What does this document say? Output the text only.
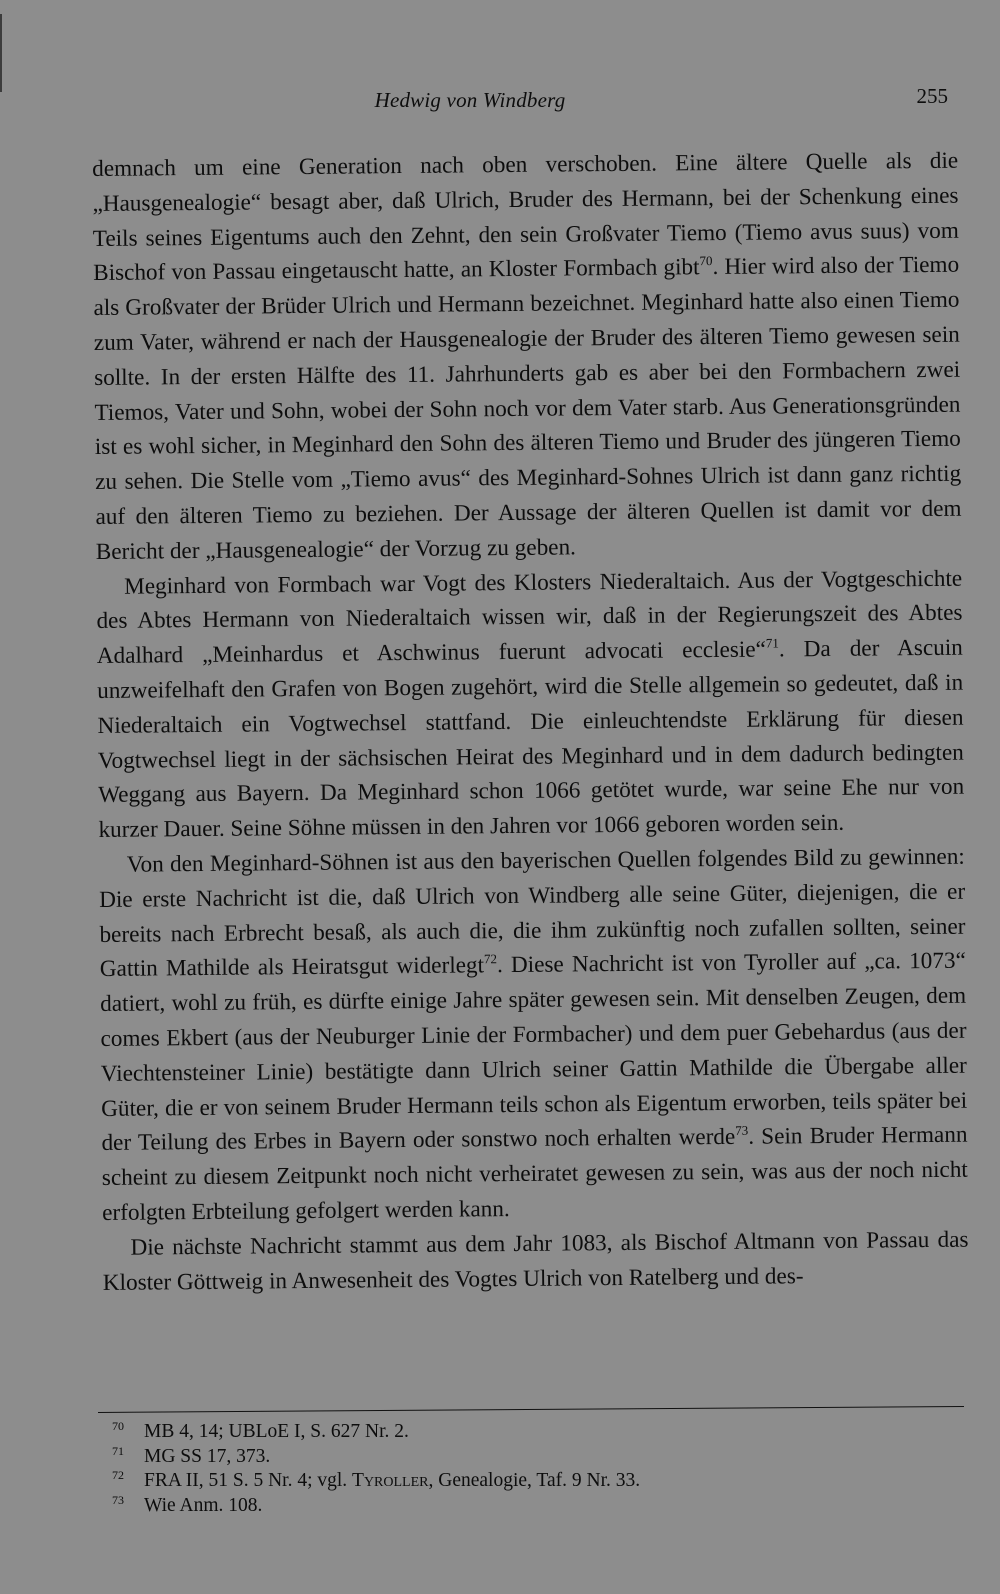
Hedwig von Windberg	255

demnach um eine Generation nach oben verschoben. Eine ältere Quelle als die „Hausgenealogie“ besagt aber, daß Ulrich, Bruder des Hermann, bei der Schenkung eines Teils seines Eigentums auch den Zehnt, den sein Großvater Tiemo (Tiemo avus suus) vom Bischof von Passau eingetauscht hatte, an Kloster Formbach gibt$^{70}$. Hier wird also der Tiemo als Großvater der Brüder Ulrich und Hermann bezeichnet. Meginhard hatte also einen Tiemo zum Vater, während er nach der Hausgenealogie der Bruder des älteren Tiemo gewesen sein sollte. In der ersten Hälfte des 11. Jahrhunderts gab es aber bei den Formbachern zwei Tiemos, Vater und Sohn, wobei der Sohn noch vor dem Vater starb. Aus Generationsgründen ist es wohl sicher, in Meginhard den Sohn des älteren Tiemo und Bruder des jüngeren Tiemo zu sehen. Die Stelle vom „Tiemo avus“ des Meginhard-Sohnes Ulrich ist dann ganz richtig auf den älteren Tiemo zu beziehen. Der Aussage der älteren Quellen ist damit vor dem Bericht der „Hausgenealogie“ der Vorzug zu geben.

Meginhard von Formbach war Vogt des Klosters Niederaltaich. Aus der Vogtgeschichte des Abtes Hermann von Niederaltaich wissen wir, daß in der Regierungszeit des Abtes Adalhard „Meinhardus et Aschwinus fuerunt advocati ecclesie“$^{71}$. Da der Ascuin unzweifelhaft den Grafen von Bogen zugehört, wird die Stelle allgemein so gedeutet, daß in Niederaltaich ein Vogtwechsel stattfand. Die einleuchtendste Erklärung für diesen Vogtwechsel liegt in der sächsischen Heirat des Meginhard und in dem dadurch bedingten Weggang aus Bayern. Da Meginhard schon 1066 getötet wurde, war seine Ehe nur von kurzer Dauer. Seine Söhne müssen in den Jahren vor 1066 geboren worden sein.

Von den Meginhard-Söhnen ist aus den bayerischen Quellen folgendes Bild zu gewinnen: Die erste Nachricht ist die, daß Ulrich von Windberg alle seine Güter, diejenigen, die er bereits nach Erbrecht besaß, als auch die, die ihm zukünftig noch zufallen sollten, seiner Gattin Mathilde als Heiratsgut widerlegt$^{72}$. Diese Nachricht ist von Tyroller auf „ca. 1073“ datiert, wohl zu früh, es dürfte einige Jahre später gewesen sein. Mit denselben Zeugen, dem comes Ekbert (aus der Neuburger Linie der Formbacher) und dem puer Gebehardus (aus der Viechtensteiner Linie) bestätigte dann Ulrich seiner Gattin Mathilde die Übergabe aller Güter, die er von seinem Bruder Hermann teils schon als Eigentum erworben, teils später bei der Teilung des Erbes in Bayern oder sonstwo noch erhalten werde$^{73}$. Sein Bruder Hermann scheint zu diesem Zeitpunkt noch nicht verheiratet gewesen zu sein, was aus der noch nicht erfolgten Erbteilung gefolgert werden kann.

Die nächste Nachricht stammt aus dem Jahr 1083, als Bischof Altmann von Passau das Kloster Göttweig in Anwesenheit des Vogtes Ulrich von Ratelberg und des-

70 MB 4, 14; UBLoE I, S. 627 Nr. 2.
71 MG SS 17, 373.
72 FRA II, 51 S. 5 Nr. 4; vgl. Tyroller, Genealogie, Taf. 9 Nr. 33.
73 Wie Anm. 108.
